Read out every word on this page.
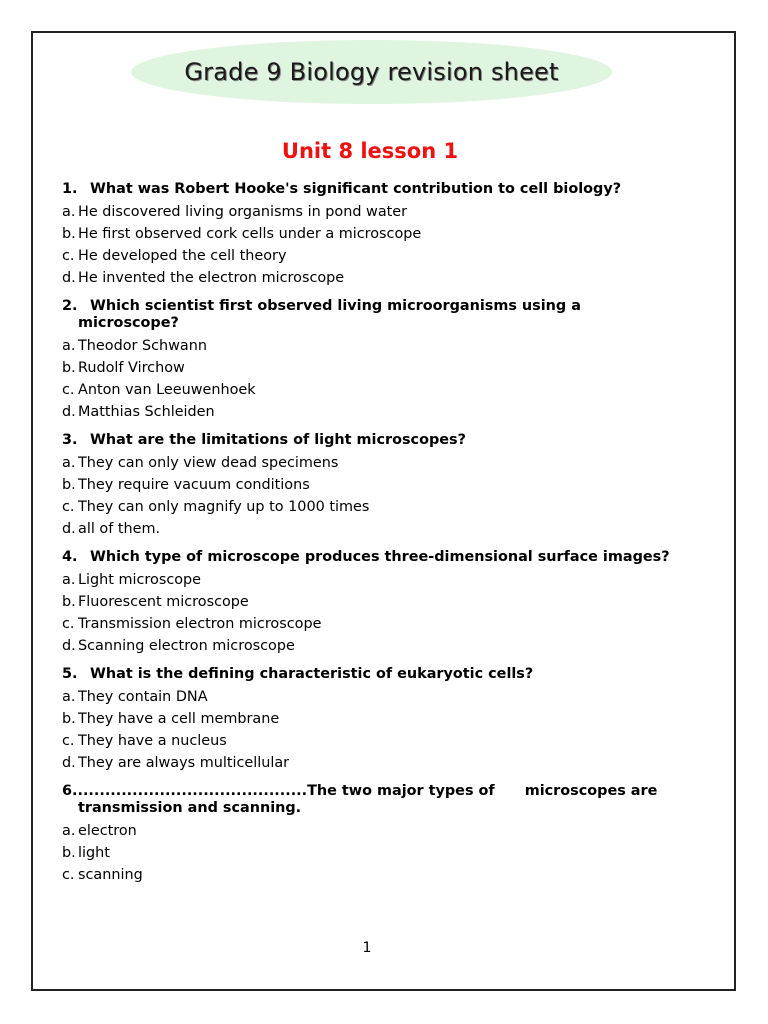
Grade 9 Biology revision sheet
Unit 8 lesson 1
1. What was Robert Hooke's significant contribution to cell biology?
a. He discovered living organisms in pond water
b. He first observed cork cells under a microscope
c. He developed the cell theory
d. He invented the electron microscope
2. Which scientist first observed living microorganisms using a microscope?
a. Theodor Schwann
b. Rudolf Virchow
c. Anton van Leeuwenhoek
d. Matthias Schleiden
3. What are the limitations of light microscopes?
a. They can only view dead specimens
b. They require vacuum conditions
c. They can only magnify up to 1000 times
d. all of them.
4. Which type of microscope produces three-dimensional surface images?
a. Light microscope
b. Fluorescent microscope
c. Transmission electron microscope
d. Scanning electron microscope
5. What is the defining characteristic of eukaryotic cells?
a. They contain DNA
b. They have a cell membrane
c. They have a nucleus
d. They are always multicellular
6...........................................The two major types of      microscopes are transmission and scanning.
a. electron
b. light
c. scanning
1
